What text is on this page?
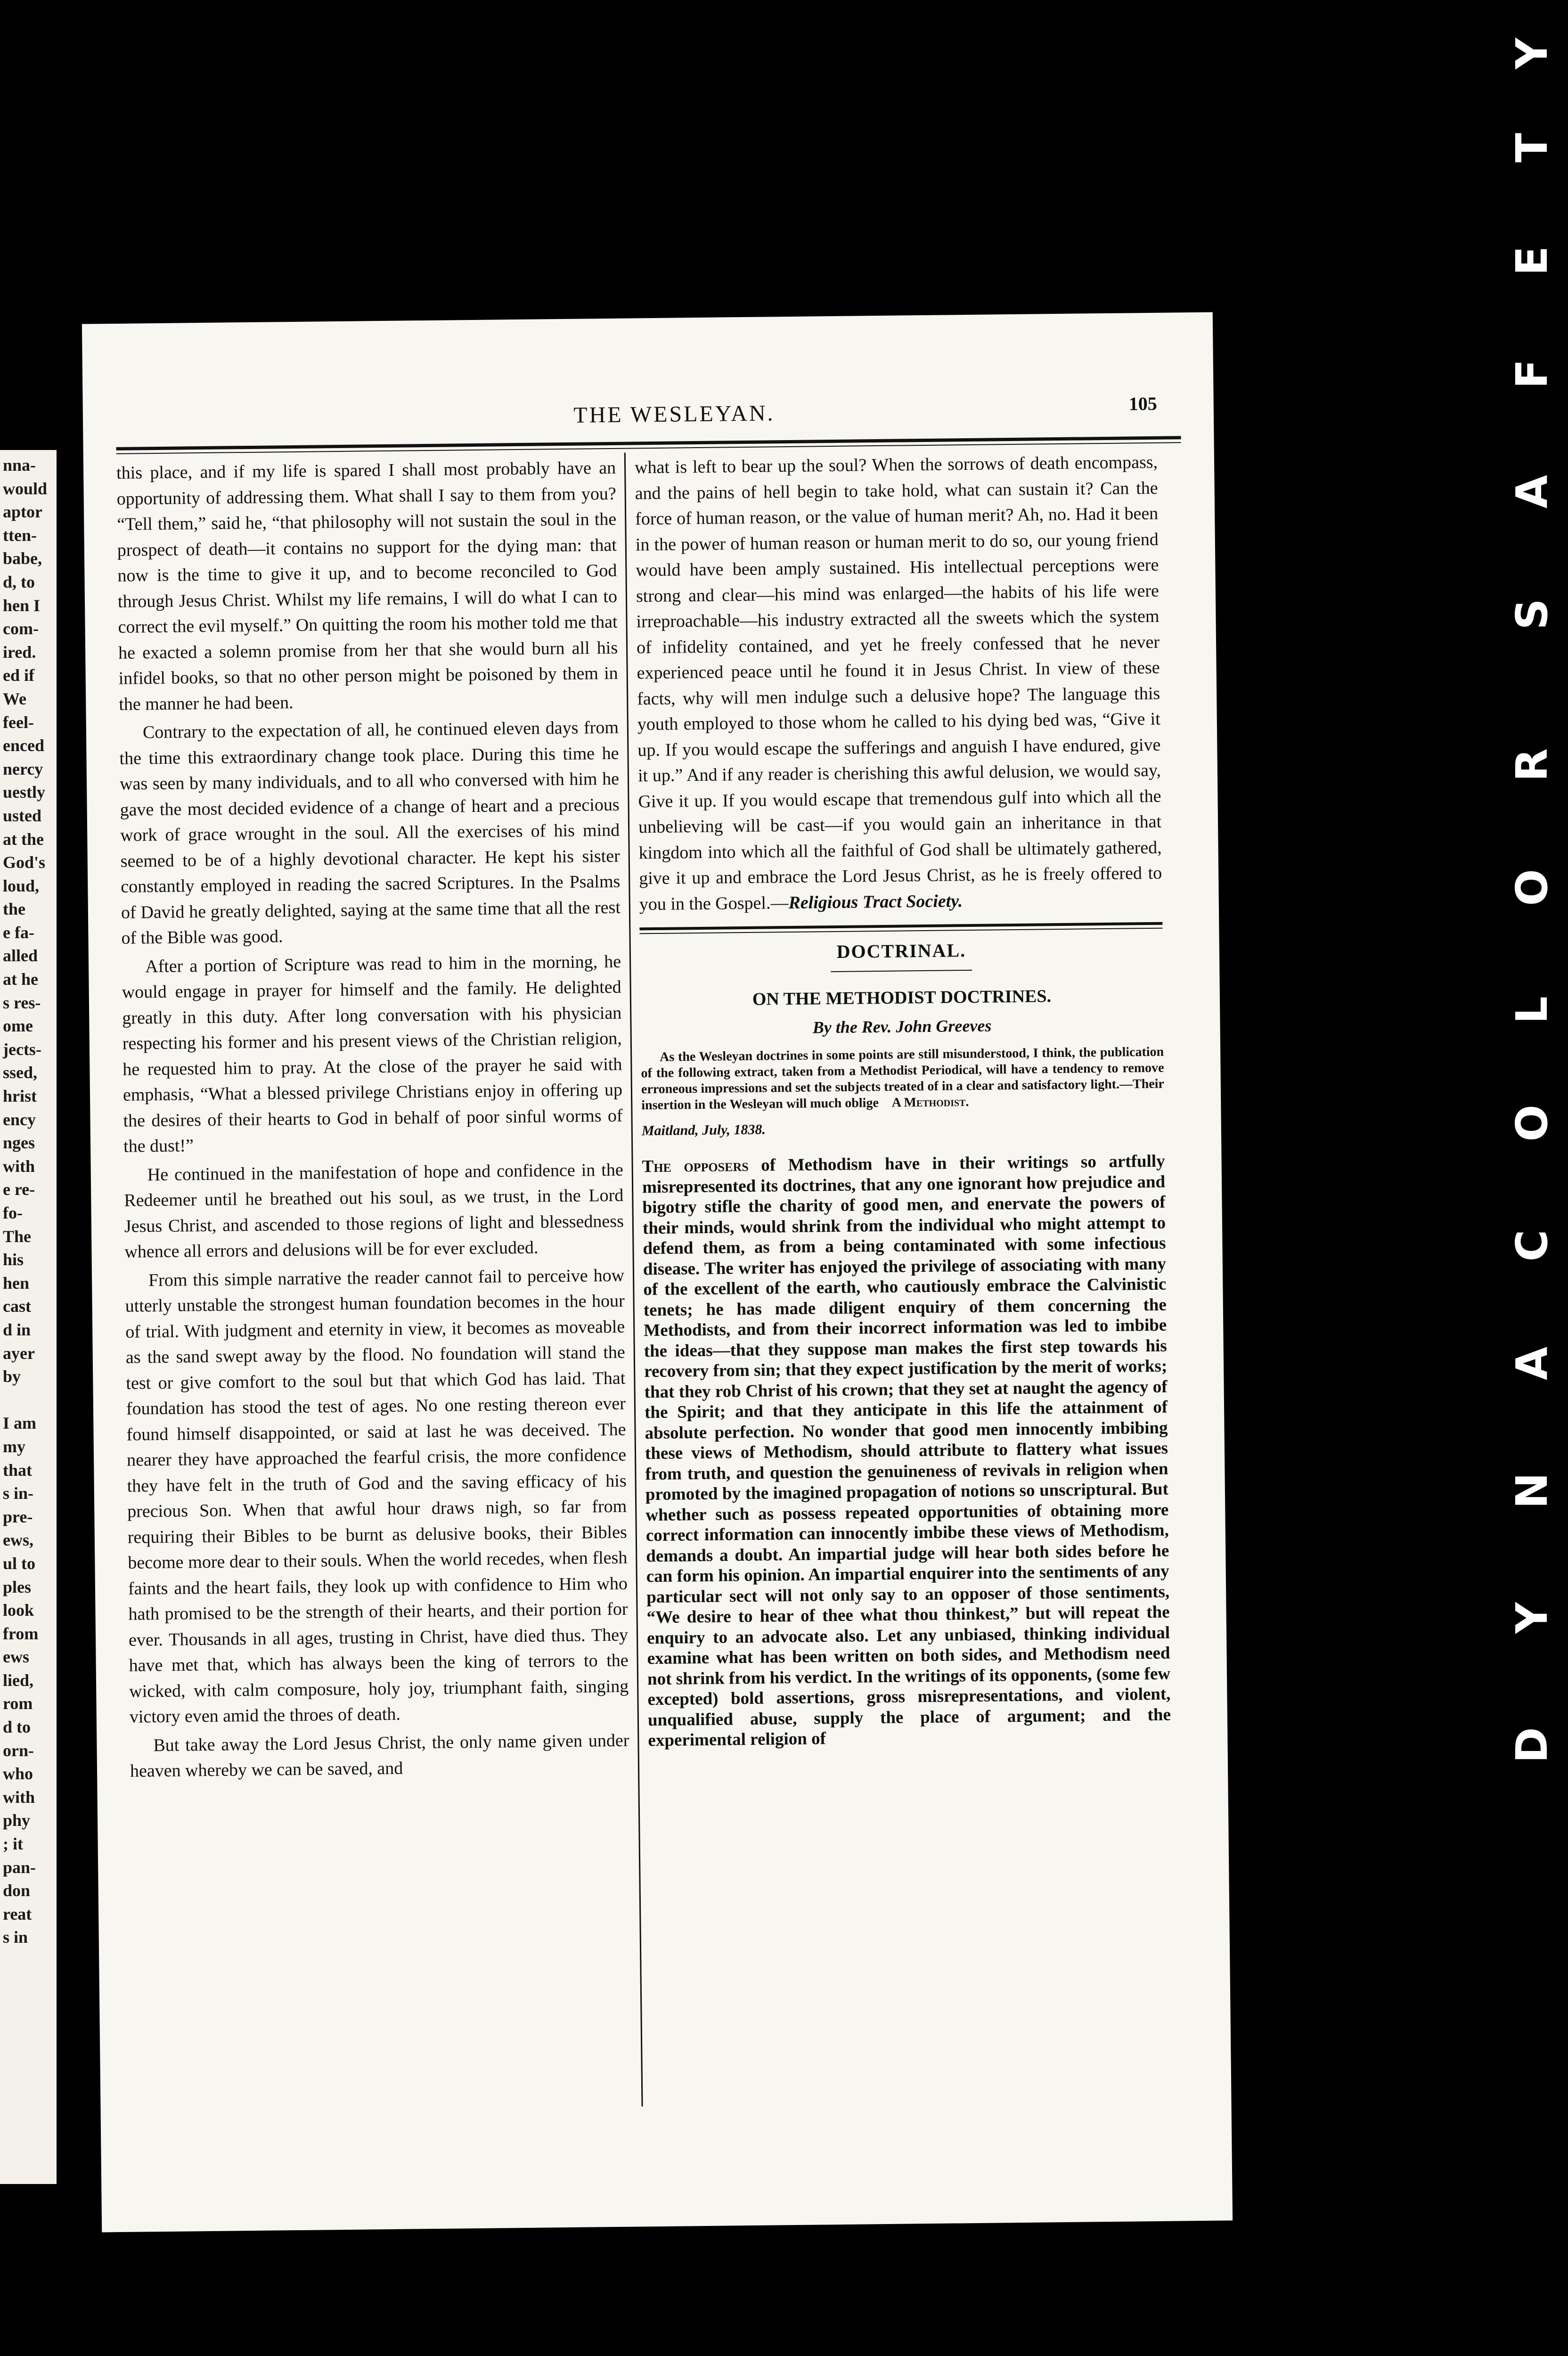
nna-
would
aptor
tten-
babe,
d, to
hen I
com-
ired.
ed if
We
feel-
enced
nercy
uestly
usted
at the
God's
loud,
the
e fa-
alled
at he
s res-
ome
jects-
ssed,
hrist
ency
nges
with
e re-
fo-
The
his
hen
cast
d in
ayer
by

I am
my
that
s in-
pre-
ews,
ul to
ples
look
from
ews
lied,
rom
d to
orn-
who
with
phy
; it
pan-
don
reat
s in
THE WESLEYAN.	105

this place, and if my life is spared I shall most probably have an opportunity of addressing them. What shall I say to them from you? “Tell them,” said he, “that philosophy will not sustain the soul in the prospect of death—it contains no support for the dying man: that now is the time to give it up, and to become reconciled to God through Jesus Christ. Whilst my life remains, I will do what I can to correct the evil myself.” On quitting the room his mother told me that he exacted a solemn promise from her that she would burn all his infidel books, so that no other person might be poisoned by them in the manner he had been.

Contrary to the expectation of all, he continued eleven days from the time this extraordinary change took place. During this time he was seen by many individuals, and to all who conversed with him he gave the most decided evidence of a change of heart and a precious work of grace wrought in the soul. All the exercises of his mind seemed to be of a highly devotional character. He kept his sister constantly employed in reading the sacred Scriptures. In the Psalms of David he greatly delighted, saying at the same time that all the rest of the Bible was good.

After a portion of Scripture was read to him in the morning, he would engage in prayer for himself and the family. He delighted greatly in this duty. After long conversation with his physician respecting his former and his present views of the Christian religion, he requested him to pray. At the close of the prayer he said with emphasis, “What a blessed privilege Christians enjoy in offering up the desires of their hearts to God in behalf of poor sinful worms of the dust!”

He continued in the manifestation of hope and confidence in the Redeemer until he breathed out his soul, as we trust, in the Lord Jesus Christ, and ascended to those regions of light and blessedness whence all errors and delusions will be for ever excluded.

From this simple narrative the reader cannot fail to perceive how utterly unstable the strongest human foundation becomes in the hour of trial. With judgment and eternity in view, it becomes as moveable as the sand swept away by the flood. No foundation will stand the test or give comfort to the soul but that which God has laid. That foundation has stood the test of ages. No one resting thereon ever found himself disappointed, or said at last he was deceived. The nearer they have approached the fearful crisis, the more confidence they have felt in the truth of God and the saving efficacy of his precious Son. When that awful hour draws nigh, so far from requiring their Bibles to be burnt as delusive books, their Bibles become more dear to their souls. When the world recedes, when flesh faints and the heart fails, they look up with confidence to Him who hath promised to be the strength of their hearts, and their portion for ever. Thousands in all ages, trusting in Christ, have died thus. They have met that, which has always been the king of terrors to the wicked, with calm composure, holy joy, triumphant faith, singing victory even amid the throes of death.

But take away the Lord Jesus Christ, the only name given under heaven whereby we can be saved, and

what is left to bear up the soul? When the sorrows of death encompass, and the pains of hell begin to take hold, what can sustain it? Can the force of human reason, or the value of human merit? Ah, no. Had it been in the power of human reason or human merit to do so, our young friend would have been amply sustained. His intellectual perceptions were strong and clear—his mind was enlarged—the habits of his life were irreproachable—his industry extracted all the sweets which the system of infidelity contained, and yet he freely confessed that he never experienced peace until he found it in Jesus Christ. In view of these facts, why will men indulge such a delusive hope? The language this youth employed to those whom he called to his dying bed was, “Give it up. If you would escape the sufferings and anguish I have endured, give it up.” And if any reader is cherishing this awful delusion, we would say, Give it up. If you would escape that tremendous gulf into which all the unbelieving will be cast—if you would gain an inheritance in that kingdom into which all the faithful of God shall be ultimately gathered, give it up and embrace the Lord Jesus Christ, as he is freely offered to you in the Gospel.—Religious Tract Society.

DOCTRINAL.
ON THE METHODIST DOCTRINES.
By the Rev. John Greeves

As the Wesleyan doctrines in some points are still misunderstood, I think, the publication of the following extract, taken from a Methodist Periodical, will have a tendency to remove erroneous impressions and set the subjects treated of in a clear and satisfactory light.—Their insertion in the Wesleyan will much oblige A Methodist.

Maitland, July, 1838.

The opposers of Methodism have in their writings so artfully misrepresented its doctrines, that any one ignorant how prejudice and bigotry stifle the charity of good men, and enervate the powers of their minds, would shrink from the individual who might attempt to defend them, as from a being contaminated with some infectious disease. The writer has enjoyed the privilege of associating with many of the excellent of the earth, who cautiously embrace the Calvinistic tenets; he has made diligent enquiry of them concerning the Methodists, and from their incorrect information was led to imbibe the ideas—that they suppose man makes the first step towards his recovery from sin; that they expect justification by the merit of works; that they rob Christ of his crown; that they set at naught the agency of the Spirit; and that they anticipate in this life the attainment of absolute perfection. No wonder that good men innocently imbibing these views of Methodism, should attribute to flattery what issues from truth, and question the genuineness of revivals in religion when promoted by the imagined propagation of notions so unscriptural. But whether such as possess repeated opportunities of obtaining more correct information can innocently imbibe these views of Methodism, demands a doubt. An impartial judge will hear both sides before he can form his opinion. An impartial enquirer into the sentiments of any particular sect will not only say to an opposer of those sentiments, “We desire to hear of thee what thou thinkest,” but will repeat the enquiry to an advocate also. Let any unbiased, thinking individual examine what has been written on both sides, and Methodism need not shrink from his verdict. In the writings of its opponents, (some few excepted) bold assertions, gross misrepresentations, and violent, unqualified abuse, supply the place of argument; and the experimental religion of	D
Y
N
A
C
O
L
O
R
S
A
F
E
T
Y
